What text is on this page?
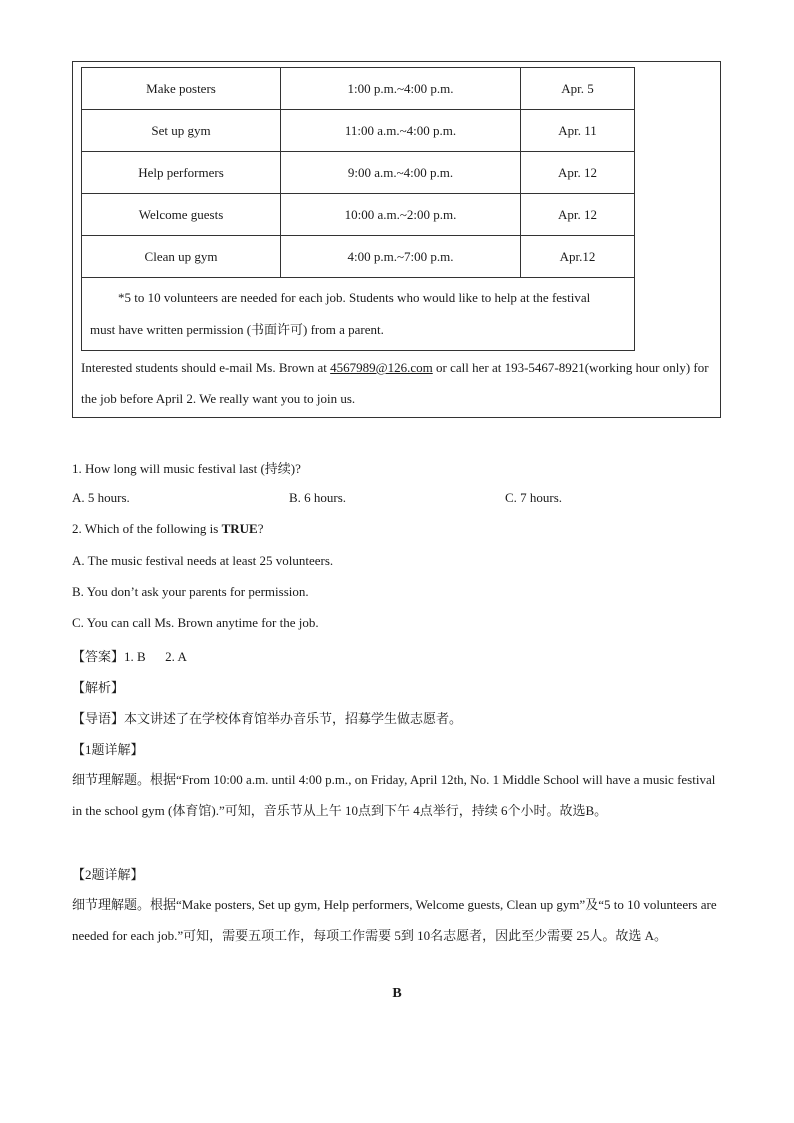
Make posters	1:00 p.m.~4:00 p.m.	Apr. 5
Set up gym	11:00 a.m.~4:00 p.m.	Apr. 11
Help performers	9:00 a.m.~4:00 p.m.	Apr. 12
Welcome guests	10:00 a.m.~2:00 p.m.	Apr. 12
Clean up gym	4:00 p.m.~7:00 p.m.	Apr.12

*5 to 10 volunteers are needed for each job. Students who would like to help at the festival
must have written permission (书面许可) from a parent.		
Interested students should e-mail Ms. Brown at 4567989@126.com or call her at 193-5467-8921(working hour only) for the job before April 2. We really want you to join us.
1. How long will music festival last (持续)?
A. 5 hours.	B. 6 hours.	C. 7 hours.
2. Which of the following is TRUE?
A. The music festival needs at least 25 volunteers.
B. You don’t ask your parents for permission.
C. You can call Ms. Brown anytime for the job.
【答案】1. B      2. A
【解析】
【导语】本文讲述了在学校体育馆举办音乐节，招募学生做志愿者。
【1题详解】
细节理解题。根据“From 10:00 a.m. until 4:00 p.m., on Friday, April 12th, No. 1 Middle School will have a music festival in the school gym (体育馆).”可知，音乐节从上午 10点到下午 4点举行，持续 6个小时。故选B。
【2题详解】
细节理解题。根据“Make posters, Set up gym, Help performers, Welcome guests, Clean up gym”及“5 to 10 volunteers are needed for each job.”可知，需要五项工作，每项工作需要 5到 10名志愿者，因此至少需要 25人。故选 A。
B
